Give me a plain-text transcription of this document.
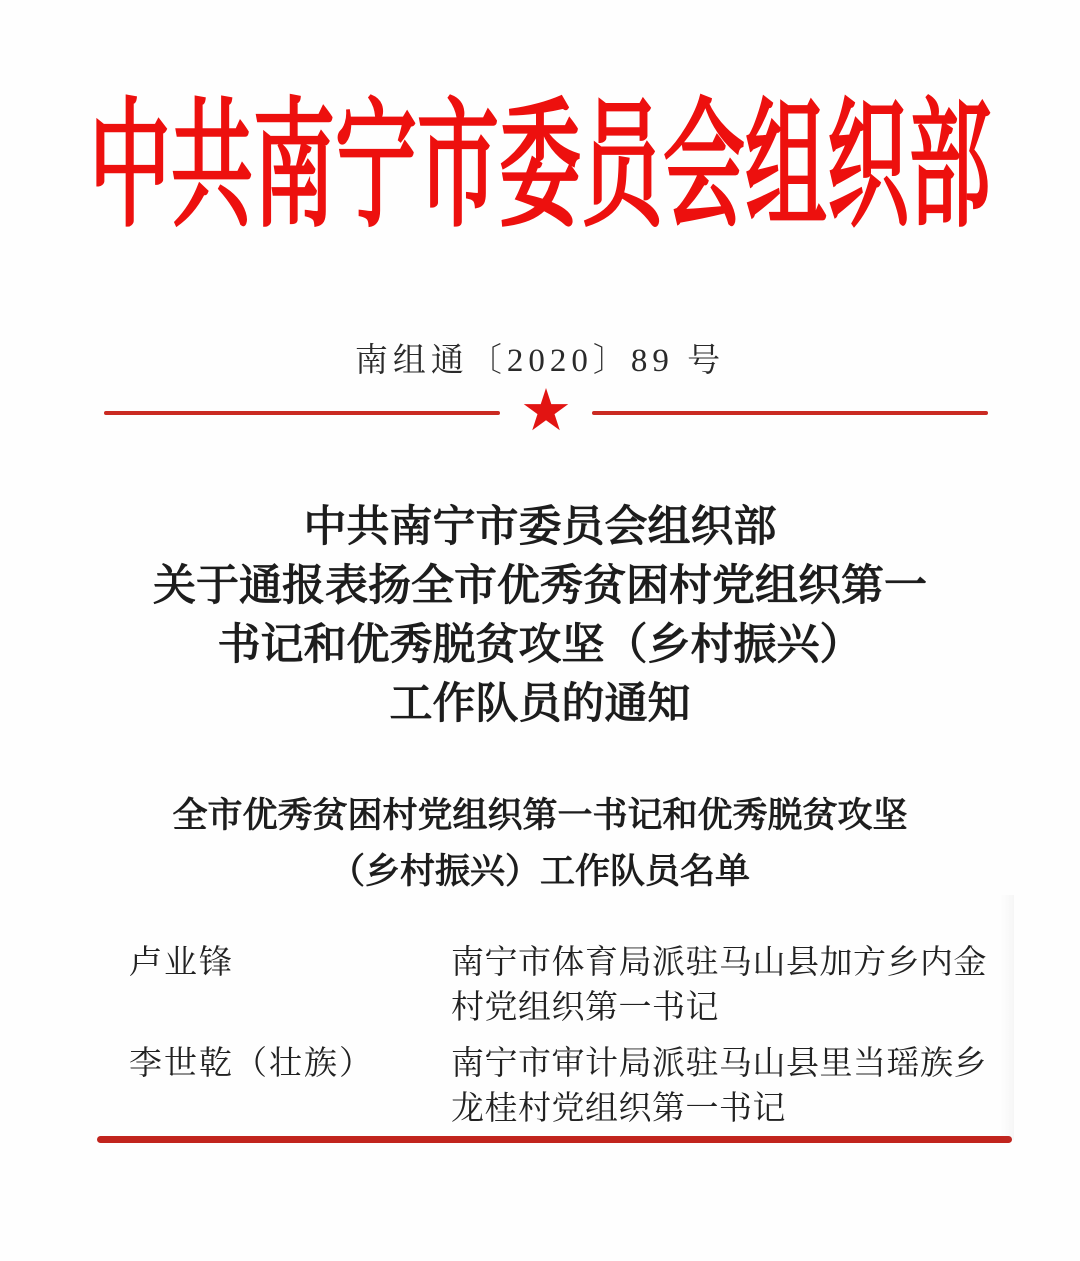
中共南宁市委员会组织部
南组通〔2020〕89 号
★
中共南宁市委员会组织部
关于通报表扬全市优秀贫困村党组织第一
书记和优秀脱贫攻坚（乡村振兴）
工作队员的通知
全市优秀贫困村党组织第一书记和优秀脱贫攻坚
（乡村振兴）工作队员名单
卢业锋	南宁市体育局派驻马山县加方乡内金村党组织第一书记
李世乾（壮族）	南宁市审计局派驻马山县里当瑶族乡龙桂村党组织第一书记
